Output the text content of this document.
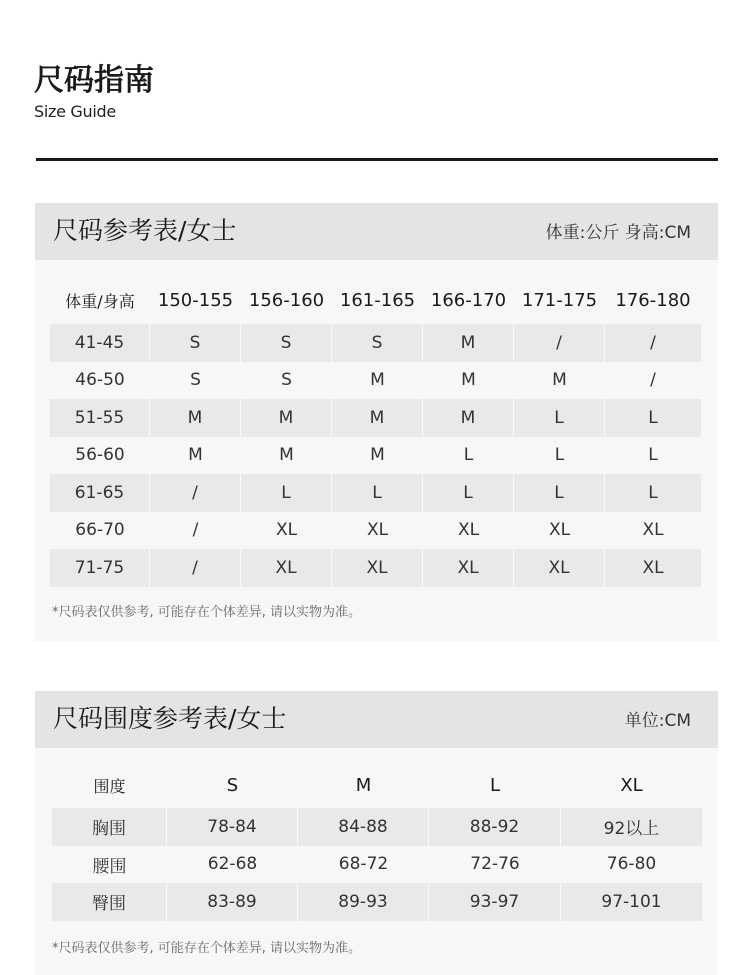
尺码指南
Size Guide
尺码参考表/女士	体重:公斤 身高:CM
体重/身高	150-155 156-160 161-165 166-170 171-175	176-180
41-45	S	S	S	M	/	/
46-50	S	S	M	M	M	/
51-55	M	M	M	M	L	L
56-60	M	M	M	L	L	L
61-65	/	L	L	L	L	L
66-70	/	XL	XL	XL	XL	XL
71-75	/	XL	XL	XL	XL	XL
*尺码表仅供参考, 可能存在个体差异, 请以实物为准。
尺码围度参考表/女士	单位:CM
围度	S	M	L	XL
胸围	78-84	84-88	88-92	92以上
腰围	62-68	68-72	72-76	76-80
臀围	83-89	89-93	93-97	97-101
*尺码表仅供参考, 可能存在个体差异, 请以实物为准。
